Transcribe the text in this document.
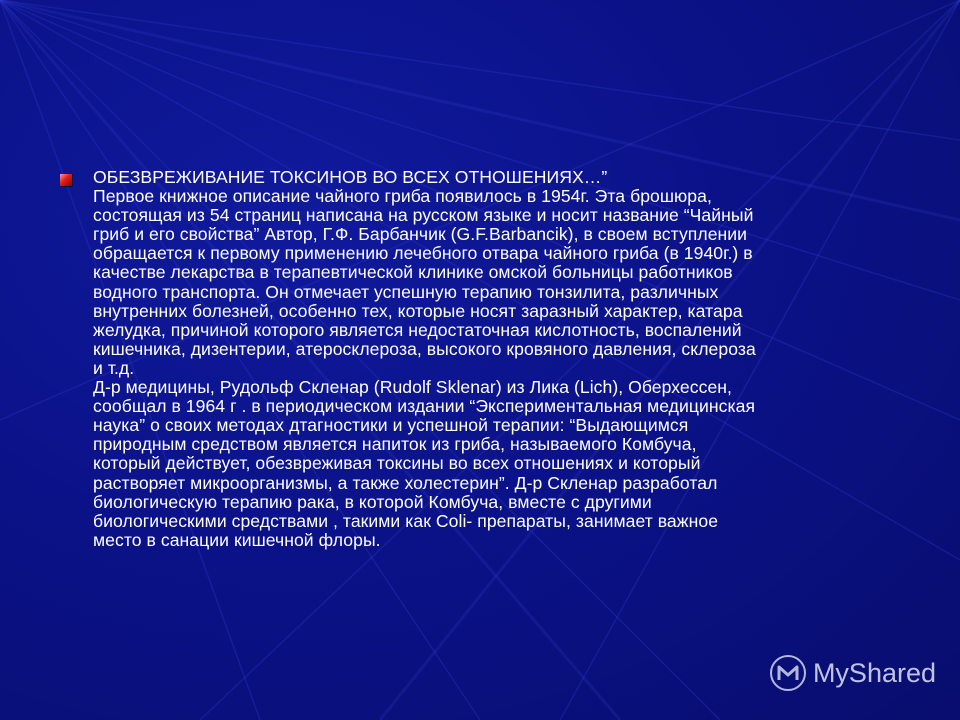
ОБЕЗВРЕЖИВАНИЕ ТОКСИНОВ ВО ВСЕХ ОТНОШЕНИЯХ…”
Первое книжное описание чайного гриба появилось в 1954г. Эта брошюра,
состоящая из 54 страниц написана на русском языке и носит название “Чайный
гриб и его свойства” Автор, Г.Ф. Барбанчик (G.F.Barbancik), в своем вступлении
обращается к первому применению лечебного отвара чайного гриба (в 1940г.) в
качестве лекарства в терапевтической клинике омской больницы работников
водного транспорта. Он отмечает успешную терапию тонзилита, различных
внутренних болезней, особенно тех, которые носят заразный характер, катара
желудка, причиной которого является недостаточная кислотность, воспалений
кишечника, дизентерии, атеросклероза, высокого кровяного давления, склероза
и т.д.
Д-р медицины, Рудольф Скленар (Rudolf Sklenar) из Лика (Lich), Оберхессен,
сообщал в 1964 г . в периодическом издании “Экспериментальная медицинская
наука” о своих методах дтагностики и успешной терапии: “Выдающимся
природным средством является напиток из гриба, называемого Комбуча,
который действует, обезвреживая токсины во всех отношениях и который
растворяет микроорганизмы, а также холестерин”. Д-р Скленар разработал
биологическую терапию рака, в которой Комбуча, вместе с другими
биологическими средствами , такими как Coli- препараты, занимает важное
место в санации кишечной флоры.

MyShared
